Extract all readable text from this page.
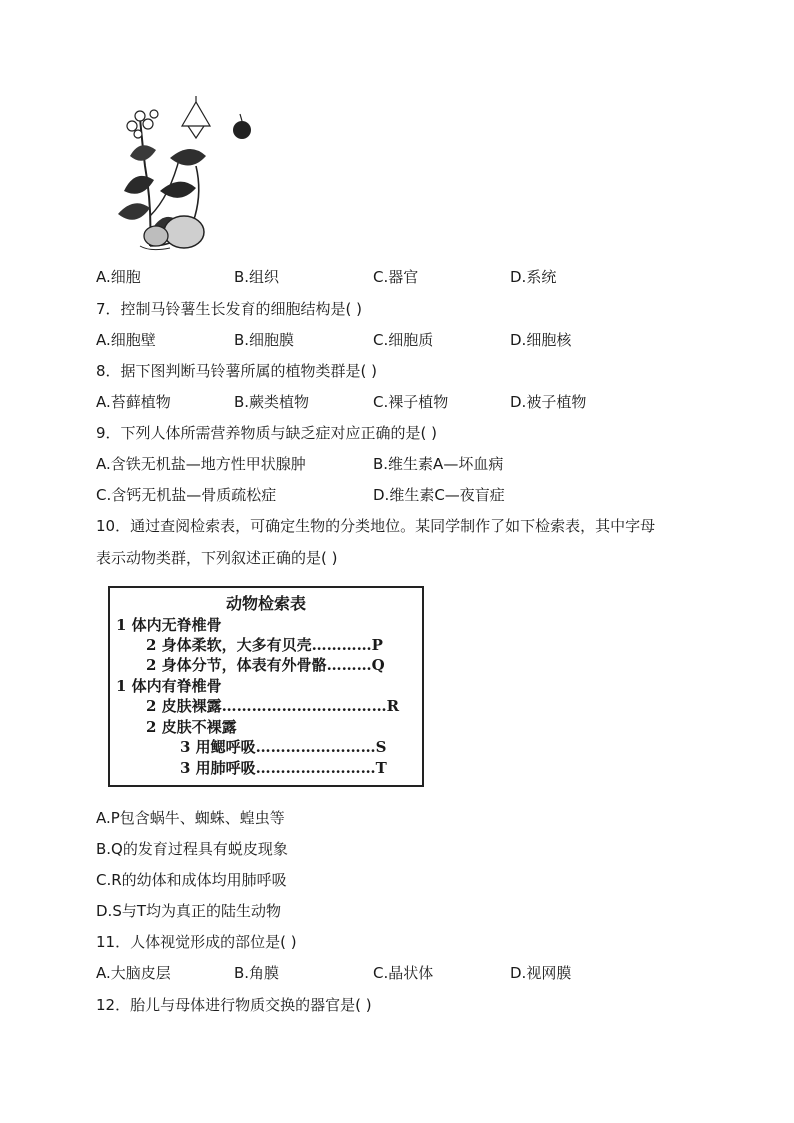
A.细胞	B.组织	C.器官	D.系统
7．控制马铃薯生长发育的细胞结构是( )
A.细胞壁	B.细胞膜	C.细胞质	D.细胞核
8．据下图判断马铃薯所属的植物类群是( )
A.苔藓植物	B.蕨类植物	C.裸子植物	D.被子植物
9．下列人体所需营养物质与缺乏症对应正确的是( )
A.含铁无机盐—地方性甲状腺肿	B.维生素A—坏血病
C.含钙无机盐—骨质疏松症	D.维生素C—夜盲症
10．通过查阅检索表，可确定生物的分类地位。某同学制作了如下检索表，其中字母
表示动物类群，下列叙述正确的是( )
动物检索表
1 体内无脊椎骨
2 身体柔软，大多有贝壳…………P
2 身体分节，体表有外骨骼………Q
1 体内有脊椎骨
2 皮肤裸露……………………………R
2 皮肤不裸露
3 用鳃呼吸……………………S
3 用肺呼吸……………………T
A.P包含蜗牛、蜘蛛、蝗虫等
B.Q的发育过程具有蜕皮现象
C.R的幼体和成体均用肺呼吸
D.S与T均为真正的陆生动物
11．人体视觉形成的部位是( )
A.大脑皮层	B.角膜	C.晶状体	D.视网膜
12．胎儿与母体进行物质交换的器官是( )
